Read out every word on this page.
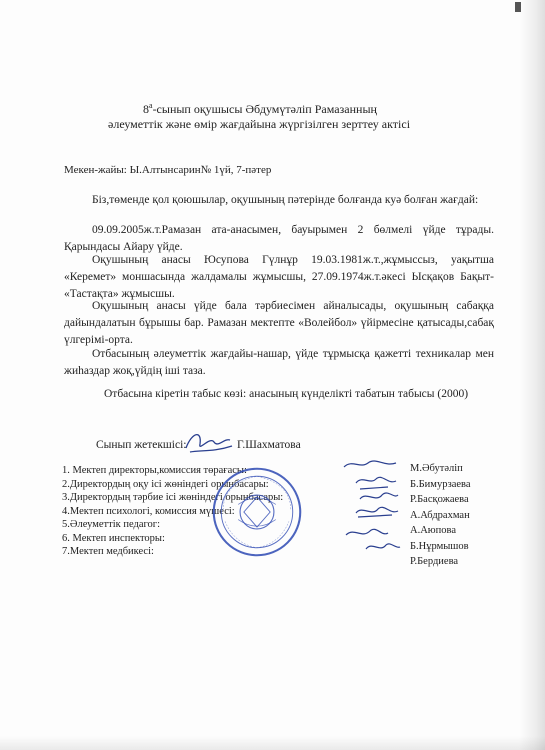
$8^а$-сынып оқушысы Әбдумүтәліп Рамазанның
әлеуметтік және өмір жағдайына жүргізілген зерттеу актісі
Мекен-жайы: Ы.Алтынсарин№ 1үй, 7-пәтер
Біз,төменде қол қоюшылар, оқушының пәтерінде болғанда куә болған жағдай:
09.09.2005ж.т.Рамазан ата-анасымен, бауырымен 2 бөлмелі үйде тұрады. Қарындасы Айару үйде.
Оқушының анасы Юсупова Гүлнұр 19.03.1981ж.т.,жұмыссыз, уақытша «Керемет» моншасында жалдамалы жұмысшы, 27.09.1974ж.т.әкесі Ысқақов Бақыт- «Тастақта» жұмысшы.
Оқушының анасы үйде бала тәрбиесімен айналысады, оқушының сабаққа дайындалатын бұрышы бар. Рамазан мектепте «Волейбол» үйірмесіне қатысады,сабақ үлгерімі-орта.
Отбасының әлеуметтік жағдайы-нашар, үйде тұрмысқа қажетті техникалар мен жиһаздар жоқ,үйдің іші таза.
Отбасына кіретін табыс көзі: анасының күнделікті табатын табысы (2000)
Сынып жетекшісі:	Г.Шахматова
1. Мектеп директоры,комиссия төрағасы:
2.Директордың оқу ісі жөніндегі орынбасары:
3.Директордың тәрбие ісі жөніндегі орынбасары:
4.Мектеп психологі, комиссия мүшесі:
5.Әлеуметтік педагог:
6. Мектеп инспекторы:
7.Мектеп медбикесі:
М.Әбутәліп
Б.Бимурзаева
Р.Басқожаева
А.Абдрахман
А.Аюпова
Б.Нұрмышов
Р.Бердиева
